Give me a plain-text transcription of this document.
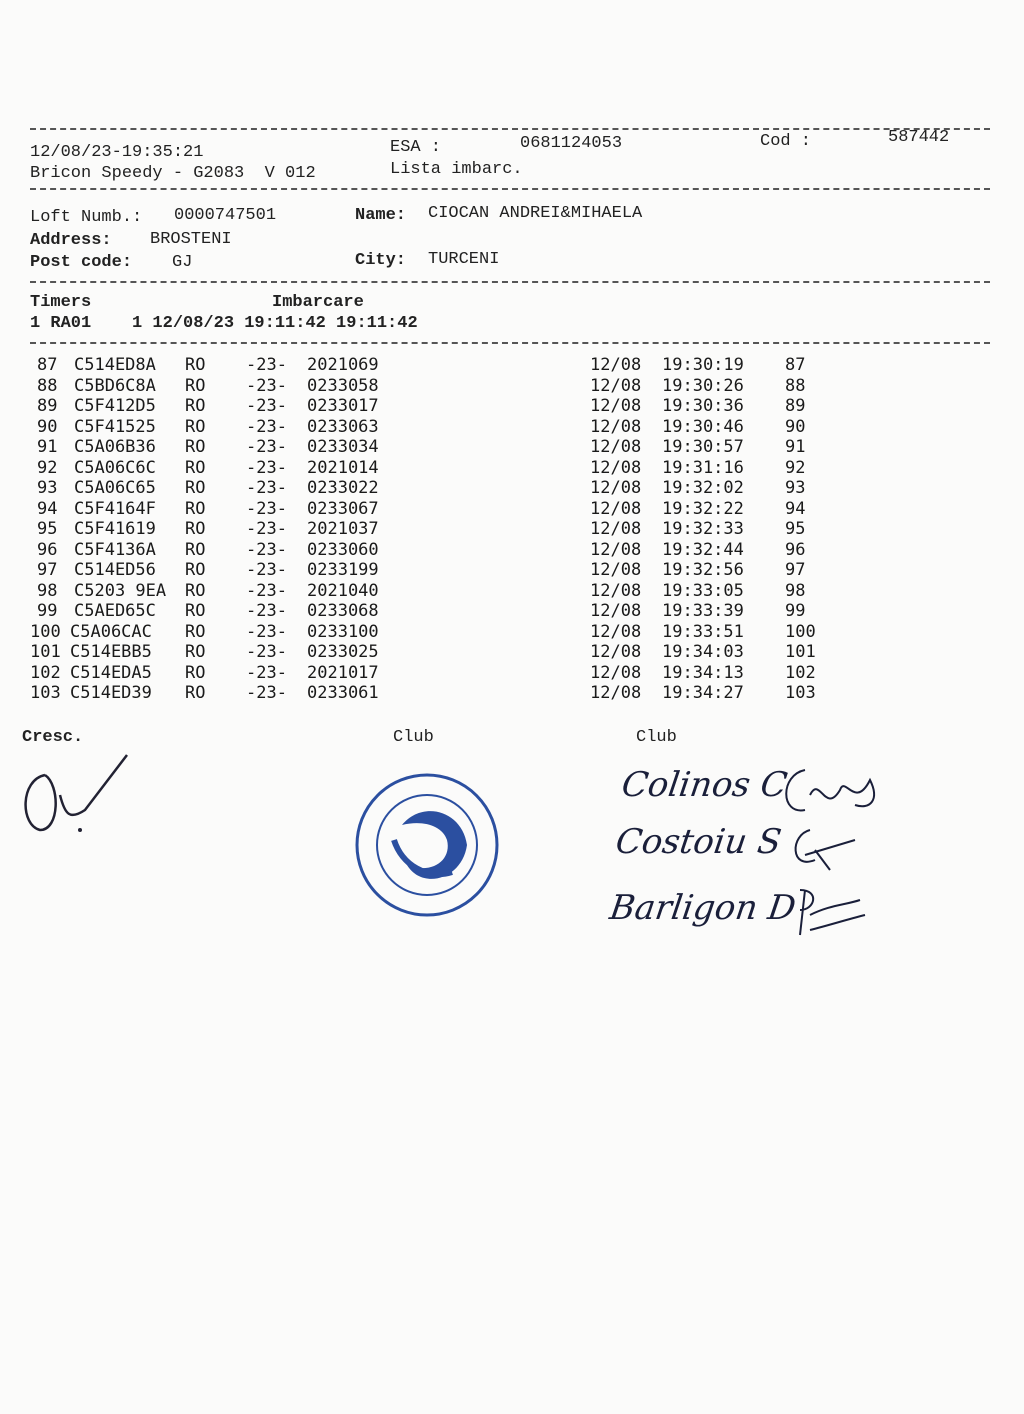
12/08/23-19:35:21	ESA :	0681124053	Cod :	587442
Bricon Speedy - G2083  V 012	Lista imbarc.
Loft Numb.: 0000747501	Name: CIOCAN ANDREI&MIHAELA
Address: BROSTENI
Post code: GJ	City: TURCENI
Timers	Imbarcare
1 RA01    1 12/08/23 19:11:42 19:11:42
87 C514ED8A RO -23- 2021069	12/08 19:30:19 87
88 C5BD6C8A RO -23- 0233058	12/08 19:30:26 88
89 C5F412D5 RO -23- 0233017	12/08 19:30:36 89
90 C5F41525 RO -23- 0233063	12/08 19:30:46 90
91 C5A06B36 RO -23- 0233034	12/08 19:30:57 91
92 C5A06C6C RO -23- 2021014	12/08 19:31:16 92
93 C5A06C65 RO -23- 0233022	12/08 19:32:02 93
94 C5F4164F RO -23- 0233067	12/08 19:32:22 94
95 C5F41619 RO -23- 2021037	12/08 19:32:33 95
96 C5F4136A RO -23- 0233060	12/08 19:32:44 96
97 C514ED56 RO -23- 0233199	12/08 19:32:56 97
98 C5203 9EA RO -23- 2021040	12/08 19:33:05 98
99 C5AED65C RO -23- 0233068	12/08 19:33:39 99
100 C5A06CAC RO -23- 0233100	12/08 19:33:51 100
101 C514EBB5 RO -23- 0233025	12/08 19:34:03 101
102 C514EDA5 RO -23- 2021017	12/08 19:34:13 102
103 C514ED39 RO -23- 0233061	12/08 19:34:27 103
Cresc.	Club	Club
Colinos C
Costoiu S
Barligon D
